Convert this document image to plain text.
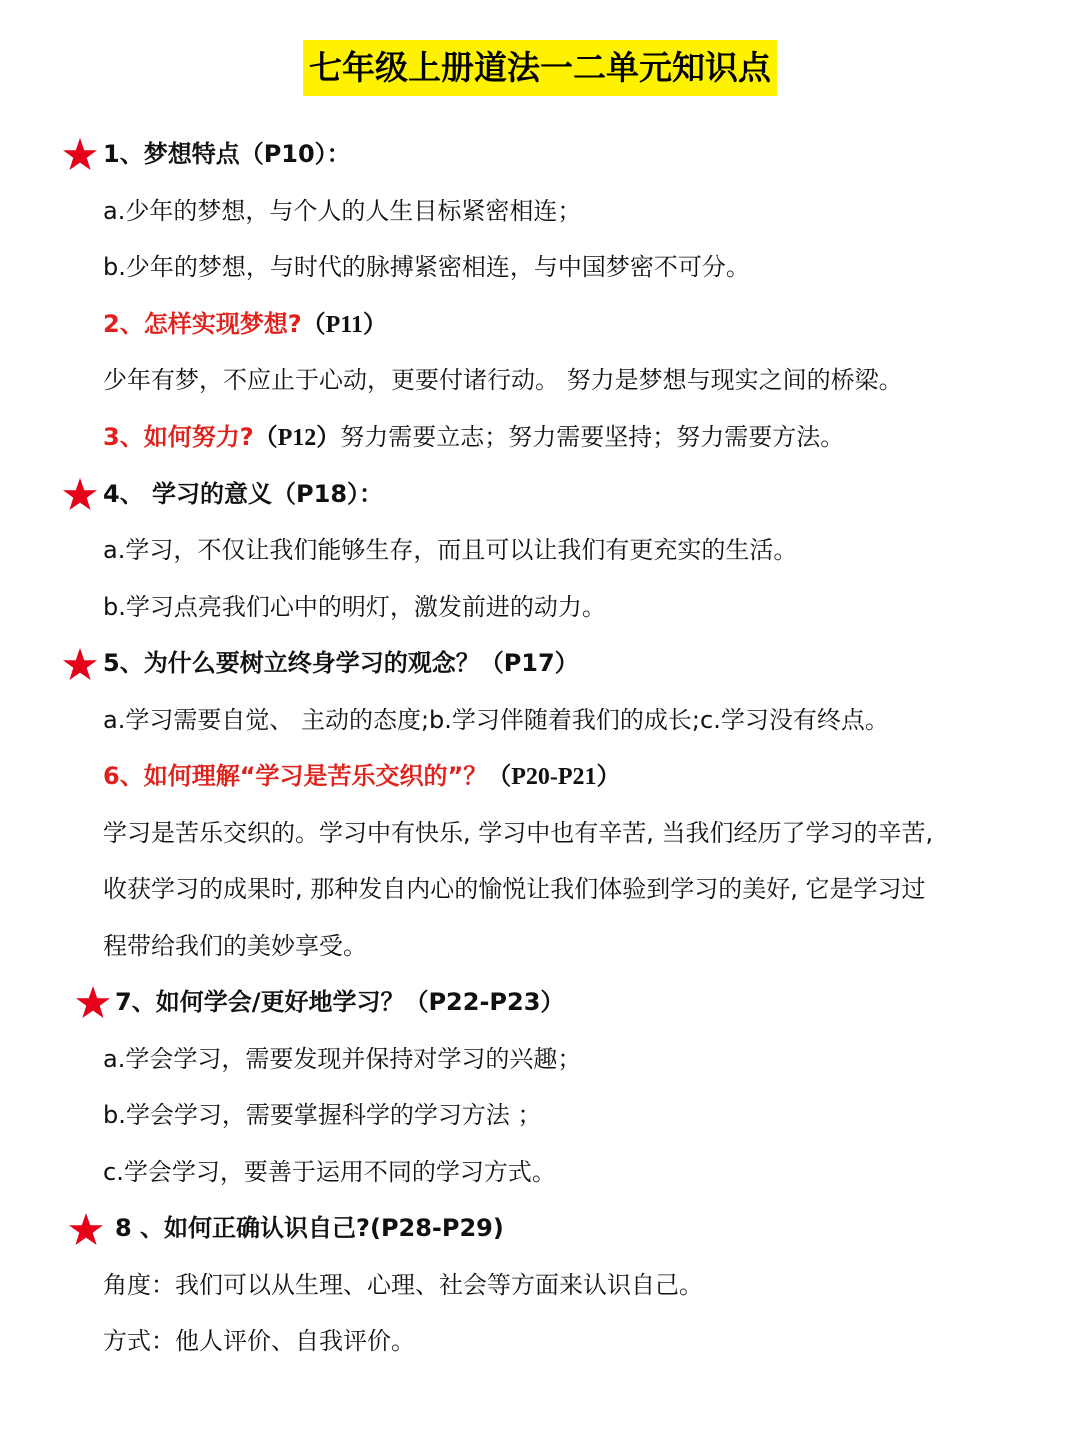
七年级上册道法一二单元知识点
1、梦想特点（P10）：
a.少年的梦想，与个人的人生目标紧密相连；
b.少年的梦想，与时代的脉搏紧密相连，与中国梦密不可分。
2、怎样实现梦想?（P11）
少年有梦，不应止于心动，更要付诸行动。 努力是梦想与现实之间的桥梁。
3、如何努力?（P12）努力需要立志；努力需要坚持；努力需要方法。
4、 学习的意义（P18）：
a.学习，不仅让我们能够生存，而且可以让我们有更充实的生活。
b.学习点亮我们心中的明灯，激发前进的动力。
5、为什么要树立终身学习的观念？（P17）
a.学习需要自觉、 主动的态度;b.学习伴随着我们的成长;c.学习没有终点。
6、如何理解“学习是苦乐交织的”？（P20-P21）
学习是苦乐交织的。学习中有快乐, 学习中也有辛苦, 当我们经历了学习的辛苦,
收获学习的成果时, 那种发自内心的愉悦让我们体验到学习的美好, 它是学习过
程带给我们的美妙享受。
7、如何学会/更好地学习？（P22-P23）
a.学会学习，需要发现并保持对学习的兴趣；
b.学会学习，需要掌握科学的学习方法 ；
c.学会学习，要善于运用不同的学习方式。
8 、如何正确认识自己?(P28-P29)
角度：我们可以从生理、心理、社会等方面来认识自己。
方式：他人评价、自我评价。
